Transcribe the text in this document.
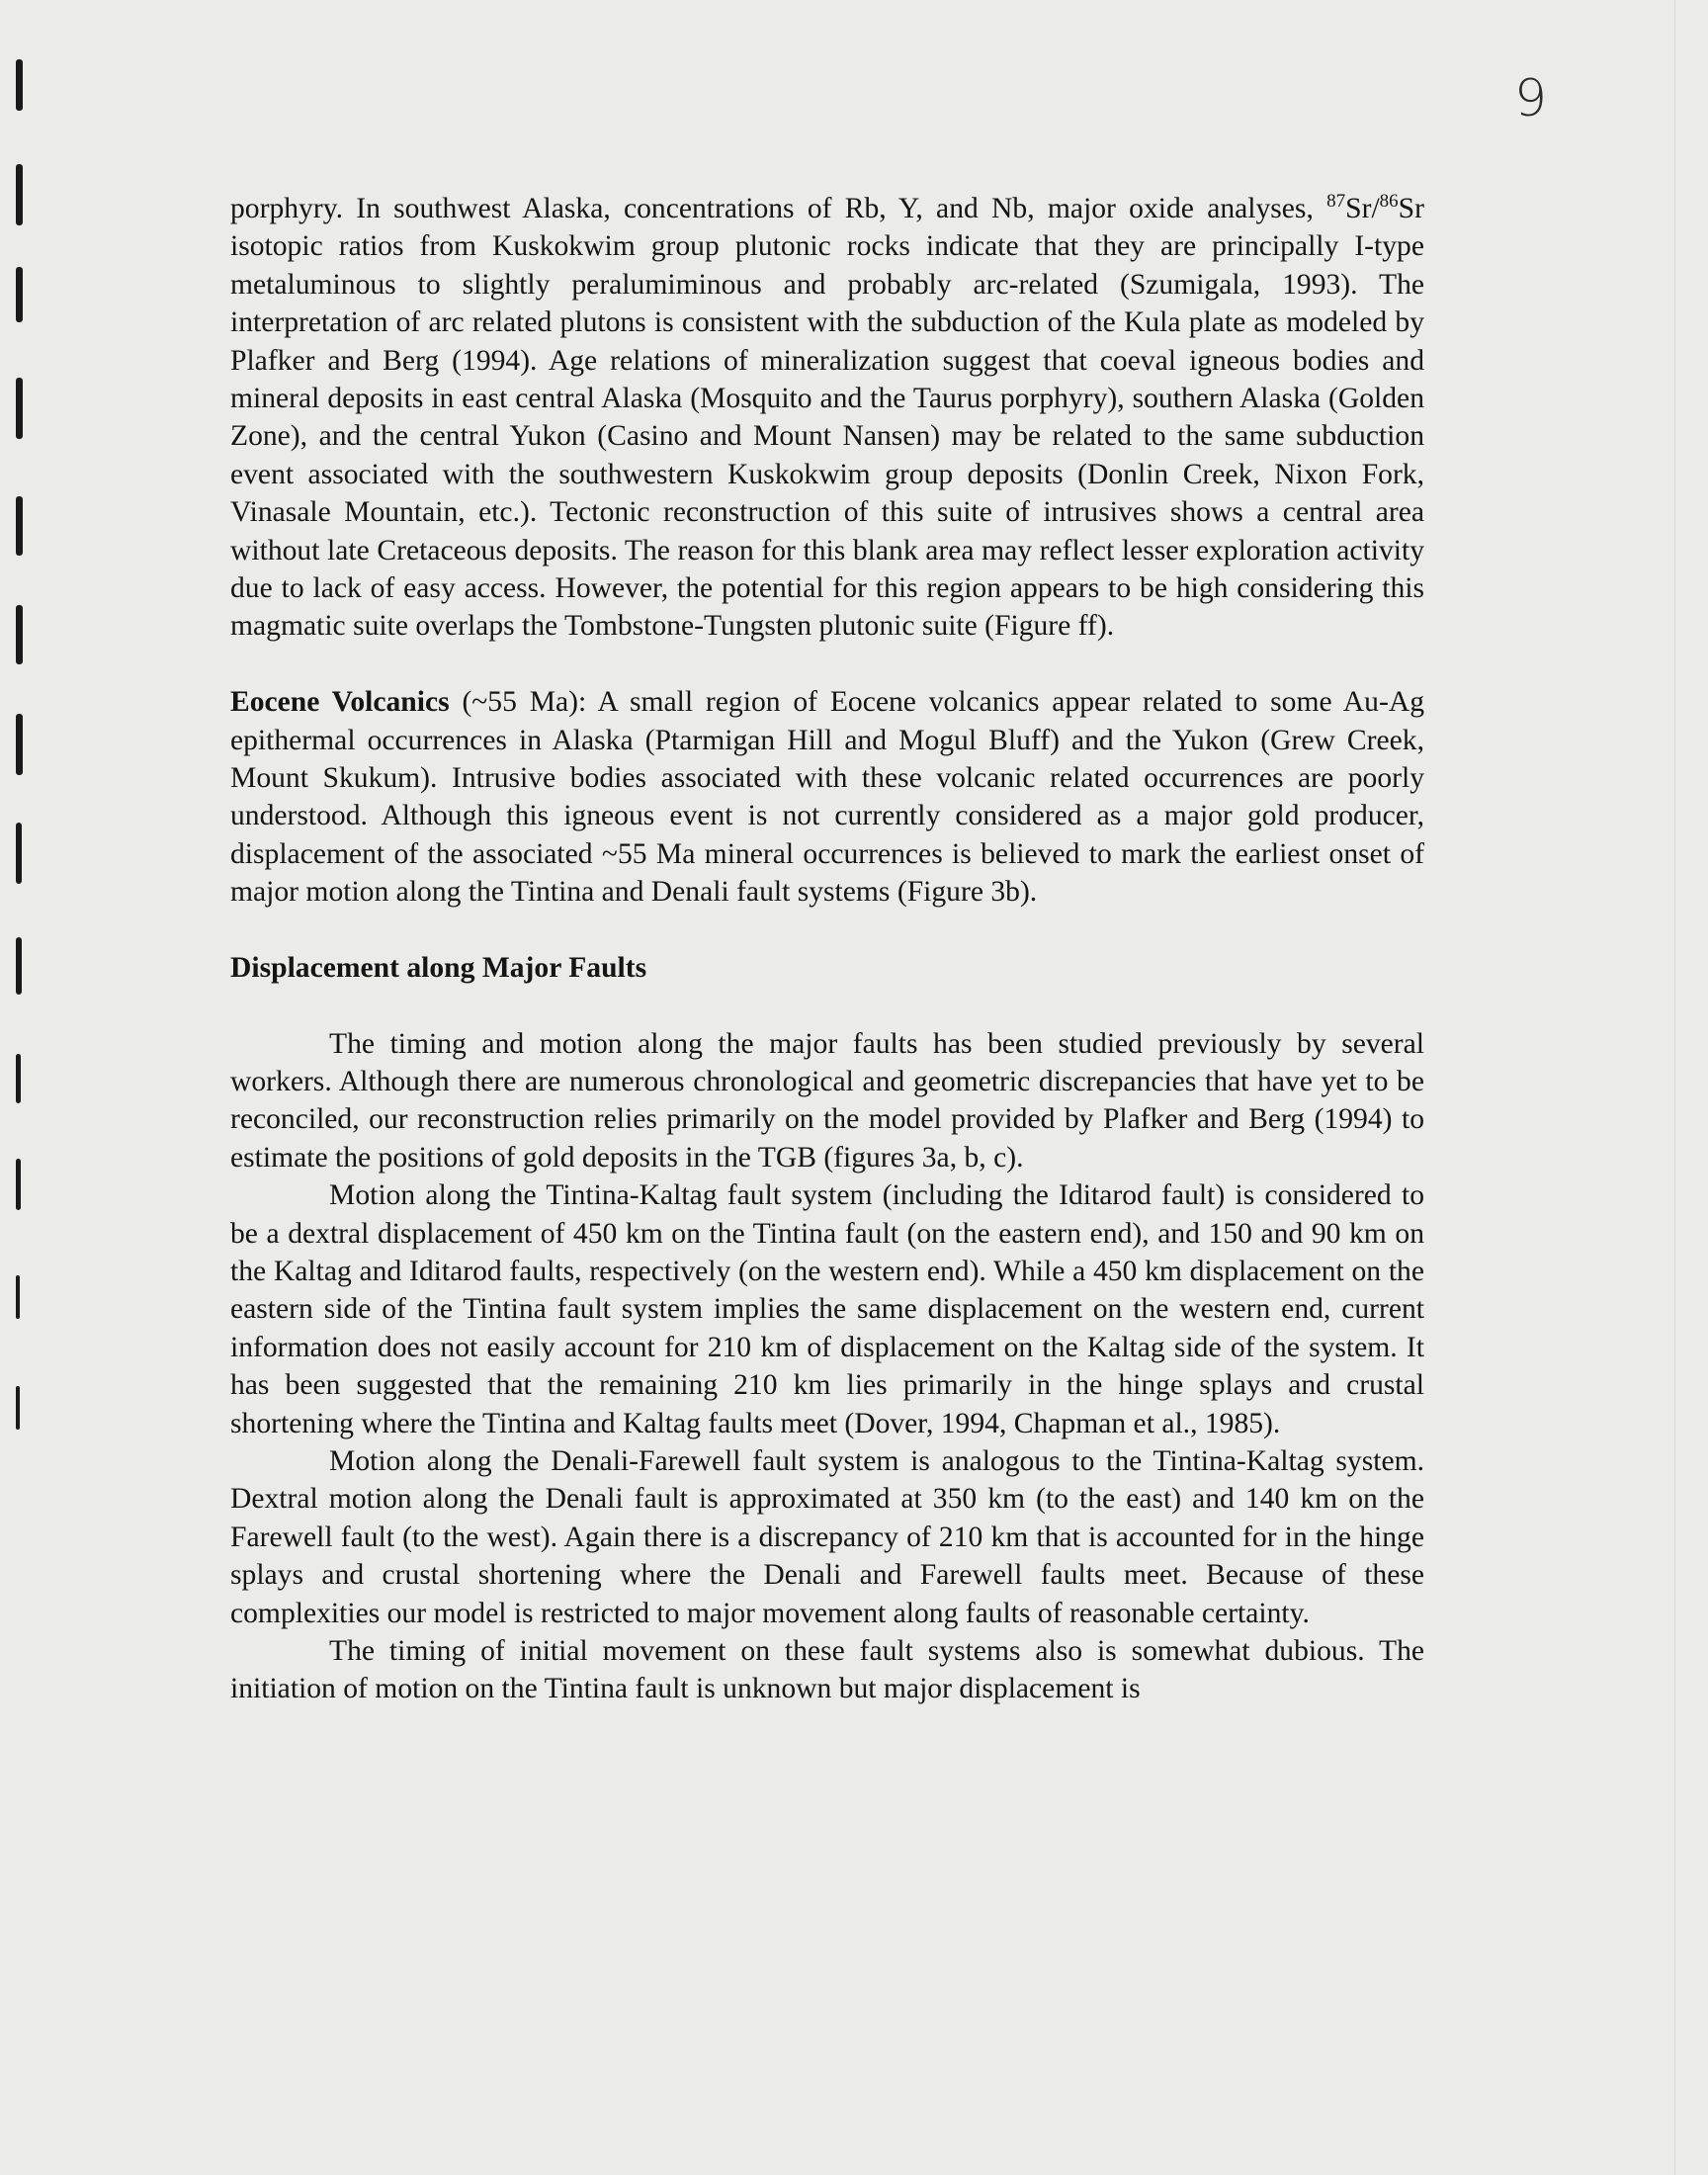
9

porphyry. In southwest Alaska, concentrations of Rb, Y, and Nb, major oxide analyses, $^{87}$Sr/$^{86}$Sr isotopic ratios from Kuskokwim group plutonic rocks indicate that they are principally I-type metaluminous to slightly peralumiminous and probably arc-related (Szumigala, 1993). The interpretation of arc related plutons is consistent with the subduction of the Kula plate as modeled by Plafker and Berg (1994). Age relations of mineralization suggest that coeval igneous bodies and mineral deposits in east central Alaska (Mosquito and the Taurus porphyry), southern Alaska (Golden Zone), and the central Yukon (Casino and Mount Nansen) may be related to the same subduction event associated with the southwestern Kuskokwim group deposits (Donlin Creek, Nixon Fork, Vinasale Mountain, etc.). Tectonic reconstruction of this suite of intrusives shows a central area without late Cretaceous deposits. The reason for this blank area may reflect lesser exploration activity due to lack of easy access. However, the potential for this region appears to be high considering this magmatic suite overlaps the Tombstone-Tungsten plutonic suite (Figure ff).

Eocene Volcanics (~55 Ma): A small region of Eocene volcanics appear related to some Au-Ag epithermal occurrences in Alaska (Ptarmigan Hill and Mogul Bluff) and the Yukon (Grew Creek, Mount Skukum). Intrusive bodies associated with these volcanic related occurrences are poorly understood. Although this igneous event is not currently considered as a major gold producer, displacement of the associated ~55 Ma mineral occurrences is believed to mark the earliest onset of major motion along the Tintina and Denali fault systems (Figure 3b).

Displacement along Major Faults

The timing and motion along the major faults has been studied previously by several workers. Although there are numerous chronological and geometric discrepancies that have yet to be reconciled, our reconstruction relies primarily on the model provided by Plafker and Berg (1994) to estimate the positions of gold deposits in the TGB (figures 3a, b, c).

Motion along the Tintina-Kaltag fault system (including the Iditarod fault) is considered to be a dextral displacement of 450 km on the Tintina fault (on the eastern end), and 150 and 90 km on the Kaltag and Iditarod faults, respectively (on the western end). While a 450 km displacement on the eastern side of the Tintina fault system implies the same displacement on the western end, current information does not easily account for 210 km of displacement on the Kaltag side of the system. It has been suggested that the remaining 210 km lies primarily in the hinge splays and crustal shortening where the Tintina and Kaltag faults meet (Dover, 1994, Chapman et al., 1985).

Motion along the Denali-Farewell fault system is analogous to the Tintina-Kaltag system. Dextral motion along the Denali fault is approximated at 350 km (to the east) and 140 km on the Farewell fault (to the west). Again there is a discrepancy of 210 km that is accounted for in the hinge splays and crustal shortening where the Denali and Farewell faults meet. Because of these complexities our model is restricted to major movement along faults of reasonable certainty.

The timing of initial movement on these fault systems also is somewhat dubious. The initiation of motion on the Tintina fault is unknown but major displacement is
